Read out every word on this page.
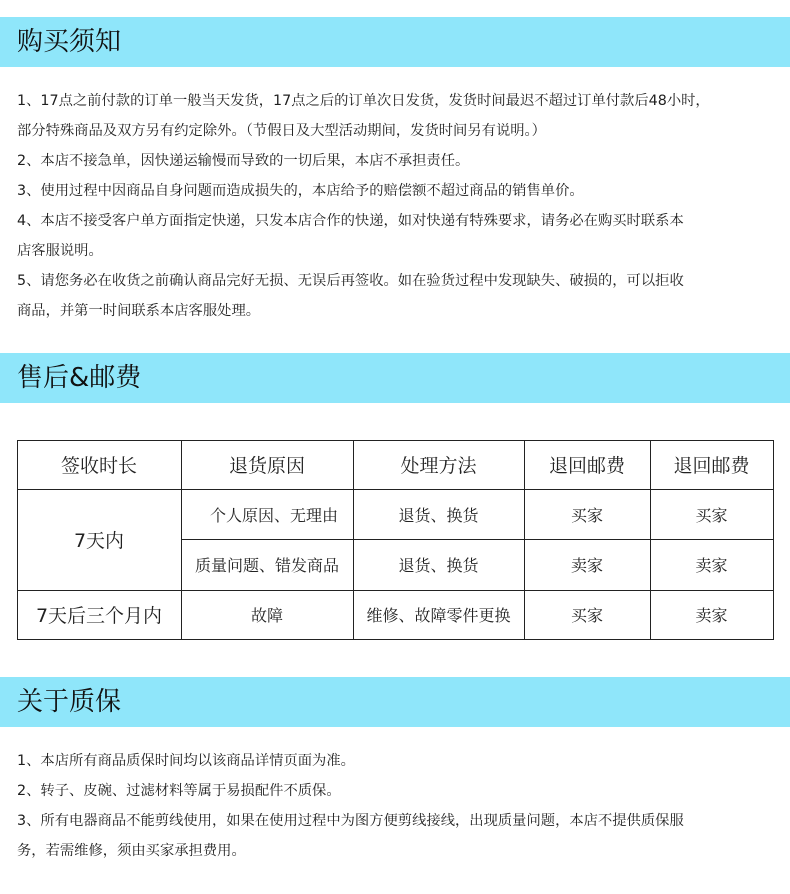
购买须知
1、17点之前付款的订单一般当天发货，17点之后的订单次日发货，发货时间最迟不超过订单付款后48小时，
部分特殊商品及双方另有约定除外。（节假日及大型活动期间，发货时间另有说明。）
2、本店不接急单，因快递运输慢而导致的一切后果，本店不承担责任。
3、使用过程中因商品自身问题而造成损失的，本店给予的赔偿额不超过商品的销售单价。
4、本店不接受客户单方面指定快递，只发本店合作的快递，如对快递有特殊要求，请务必在购买时联系本
店客服说明。
5、请您务必在收货之前确认商品完好无损、无误后再签收。如在验货过程中发现缺失、破损的，可以拒收
商品，并第一时间联系本店客服处理。
售后&邮费
签收时长	退货原因	处理方法	退回邮费	退回邮费
7天内
个人原因、无理由	退货、换货	买家	买家
质量问题、错发商品	退货、换货	卖家	卖家
7天后三个月内	故障	维修、故障零件更换	买家	卖家
关于质保
1、本店所有商品质保时间均以该商品详情页面为准。
2、转子、皮碗、过滤材料等属于易损配件不质保。
3、所有电器商品不能剪线使用，如果在使用过程中为图方便剪线接线，出现质量问题，本店不提供质保服
务，若需维修，须由买家承担费用。
